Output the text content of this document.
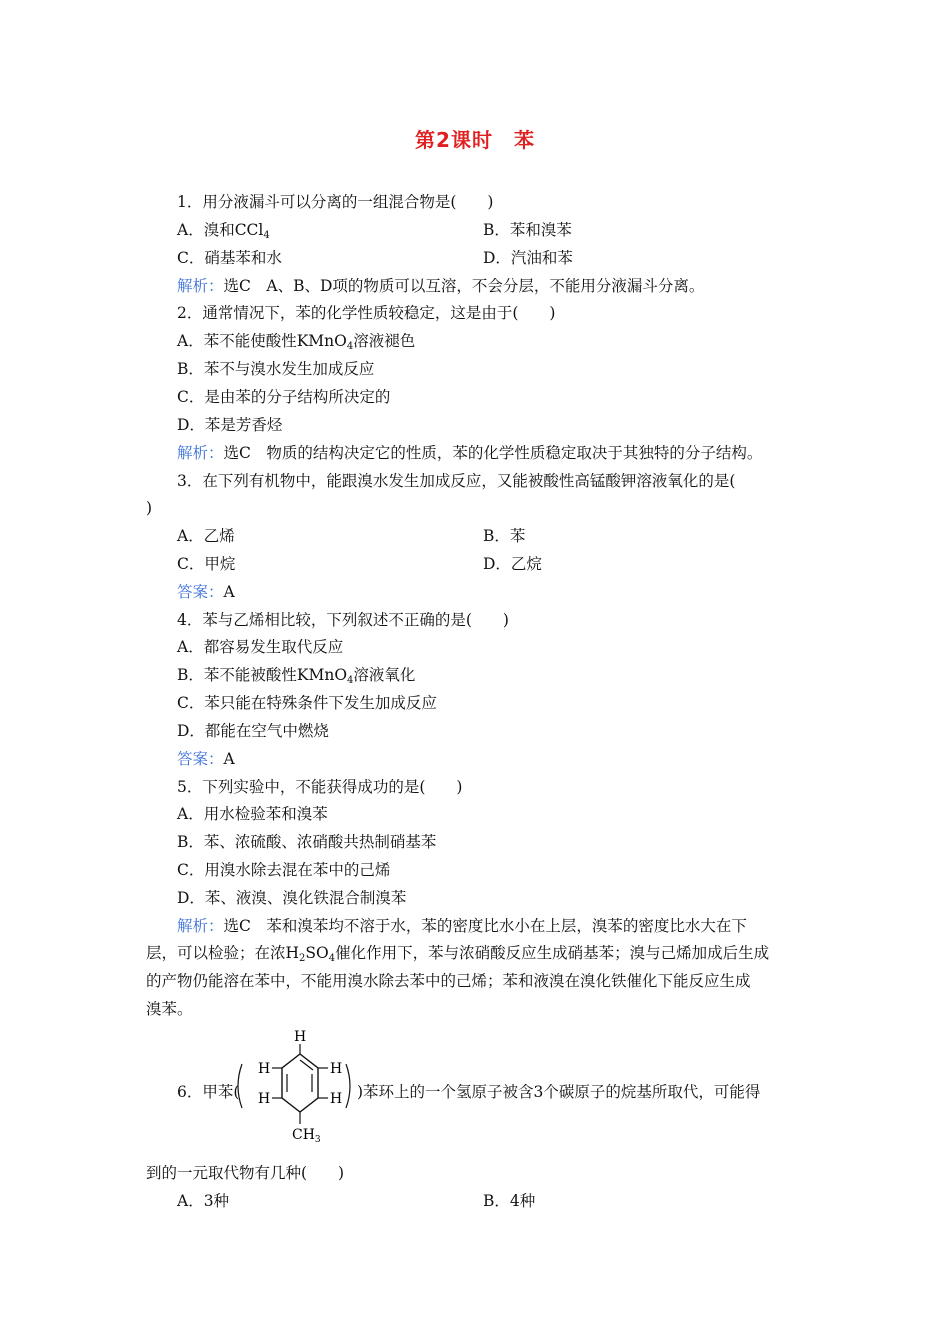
第2课时　苯
1．用分液漏斗可以分离的一组混合物是(　　)
A．溴和CCl$_4$	B．苯和溴苯
C．硝基苯和水	D．汽油和苯
解析：选C　A、B、D项的物质可以互溶，不会分层，不能用分液漏斗分离。
2．通常情况下，苯的化学性质较稳定，这是由于(　　)
A．苯不能使酸性KMnO$_4$溶液褪色
B．苯不与溴水发生加成反应
C．是由苯的分子结构所决定的
D．苯是芳香烃
解析：选C　物质的结构决定它的性质，苯的化学性质稳定取决于其独特的分子结构。
3．在下列有机物中，能跟溴水发生加成反应，又能被酸性高锰酸钾溶液氧化的是(
)
A．乙烯	B．苯
C．甲烷	D．乙烷
答案：A
4．苯与乙烯相比较，下列叙述不正确的是(　　)
A．都容易发生取代反应
B．苯不能被酸性KMnO$_4$溶液氧化
C．苯只能在特殊条件下发生加成反应
D．都能在空气中燃烧
答案：A
5．下列实验中，不能获得成功的是(　　)
A．用水检验苯和溴苯
B．苯、浓硫酸、浓硝酸共热制硝基苯
C．用溴水除去混在苯中的己烯
D．苯、液溴、溴化铁混合制溴苯
解析：选C　苯和溴苯均不溶于水，苯的密度比水小在上层，溴苯的密度比水大在下
层，可以检验；在浓$H_2SO_4$催化作用下，苯与浓硝酸反应生成硝基苯；溴与己烯加成后生成
的产物仍能溶在苯中，不能用溴水除去苯中的己烯；苯和液溴在溴化铁催化下能反应生成
溴苯。
6．甲苯(
H
H
H
H
H
$CH_3$
)苯环上的一个氢原子被含3个碳原子的烷基所取代，可能得
到的一元取代物有几种(　　)
A．3种	B．4种
